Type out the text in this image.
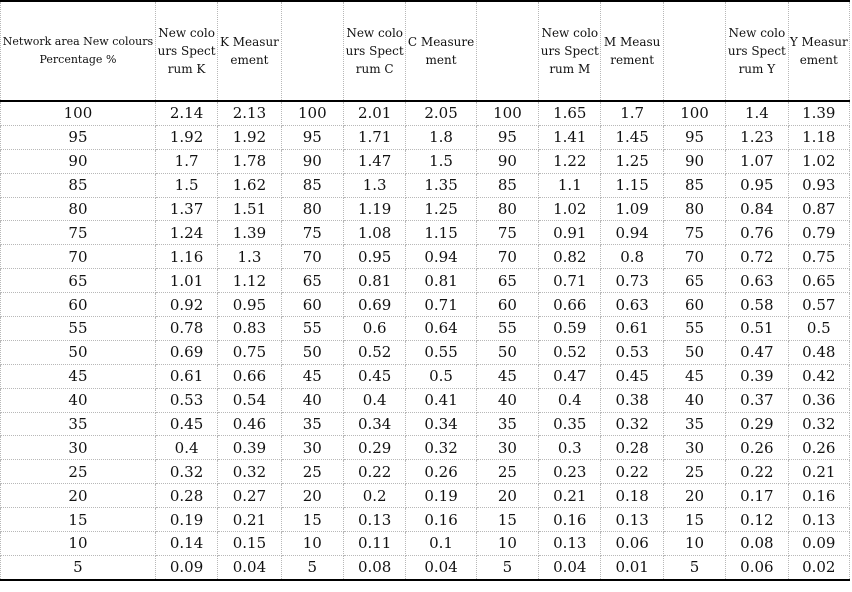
Network area New colours Percentage %	New colours Spectrum K	K Measurement		New colours Spectrum C	C Measurement		New colours Spectrum M	M Measurement		New colours Spectrum Y	Y Measurement
100	2.14	2.13	100	2.01	2.05	100	1.65	1.7	100	1.4	1.39
95	1.92	1.92	95	1.71	1.8	95	1.41	1.45	95	1.23	1.18
90	1.7	1.78	90	1.47	1.5	90	1.22	1.25	90	1.07	1.02
85	1.5	1.62	85	1.3	1.35	85	1.1	1.15	85	0.95	0.93
80	1.37	1.51	80	1.19	1.25	80	1.02	1.09	80	0.84	0.87
75	1.24	1.39	75	1.08	1.15	75	0.91	0.94	75	0.76	0.79
70	1.16	1.3	70	0.95	0.94	70	0.82	0.8	70	0.72	0.75
65	1.01	1.12	65	0.81	0.81	65	0.71	0.73	65	0.63	0.65
60	0.92	0.95	60	0.69	0.71	60	0.66	0.63	60	0.58	0.57
55	0.78	0.83	55	0.6	0.64	55	0.59	0.61	55	0.51	0.5
50	0.69	0.75	50	0.52	0.55	50	0.52	0.53	50	0.47	0.48
45	0.61	0.66	45	0.45	0.5	45	0.47	0.45	45	0.39	0.42
40	0.53	0.54	40	0.4	0.41	40	0.4	0.38	40	0.37	0.36
35	0.45	0.46	35	0.34	0.34	35	0.35	0.32	35	0.29	0.32
30	0.4	0.39	30	0.29	0.32	30	0.3	0.28	30	0.26	0.26
25	0.32	0.32	25	0.22	0.26	25	0.23	0.22	25	0.22	0.21
20	0.28	0.27	20	0.2	0.19	20	0.21	0.18	20	0.17	0.16
15	0.19	0.21	15	0.13	0.16	15	0.16	0.13	15	0.12	0.13
10	0.14	0.15	10	0.11	0.1	10	0.13	0.06	10	0.08	0.09
5	0.09	0.04	5	0.08	0.04	5	0.04	0.01	5	0.06	0.02
